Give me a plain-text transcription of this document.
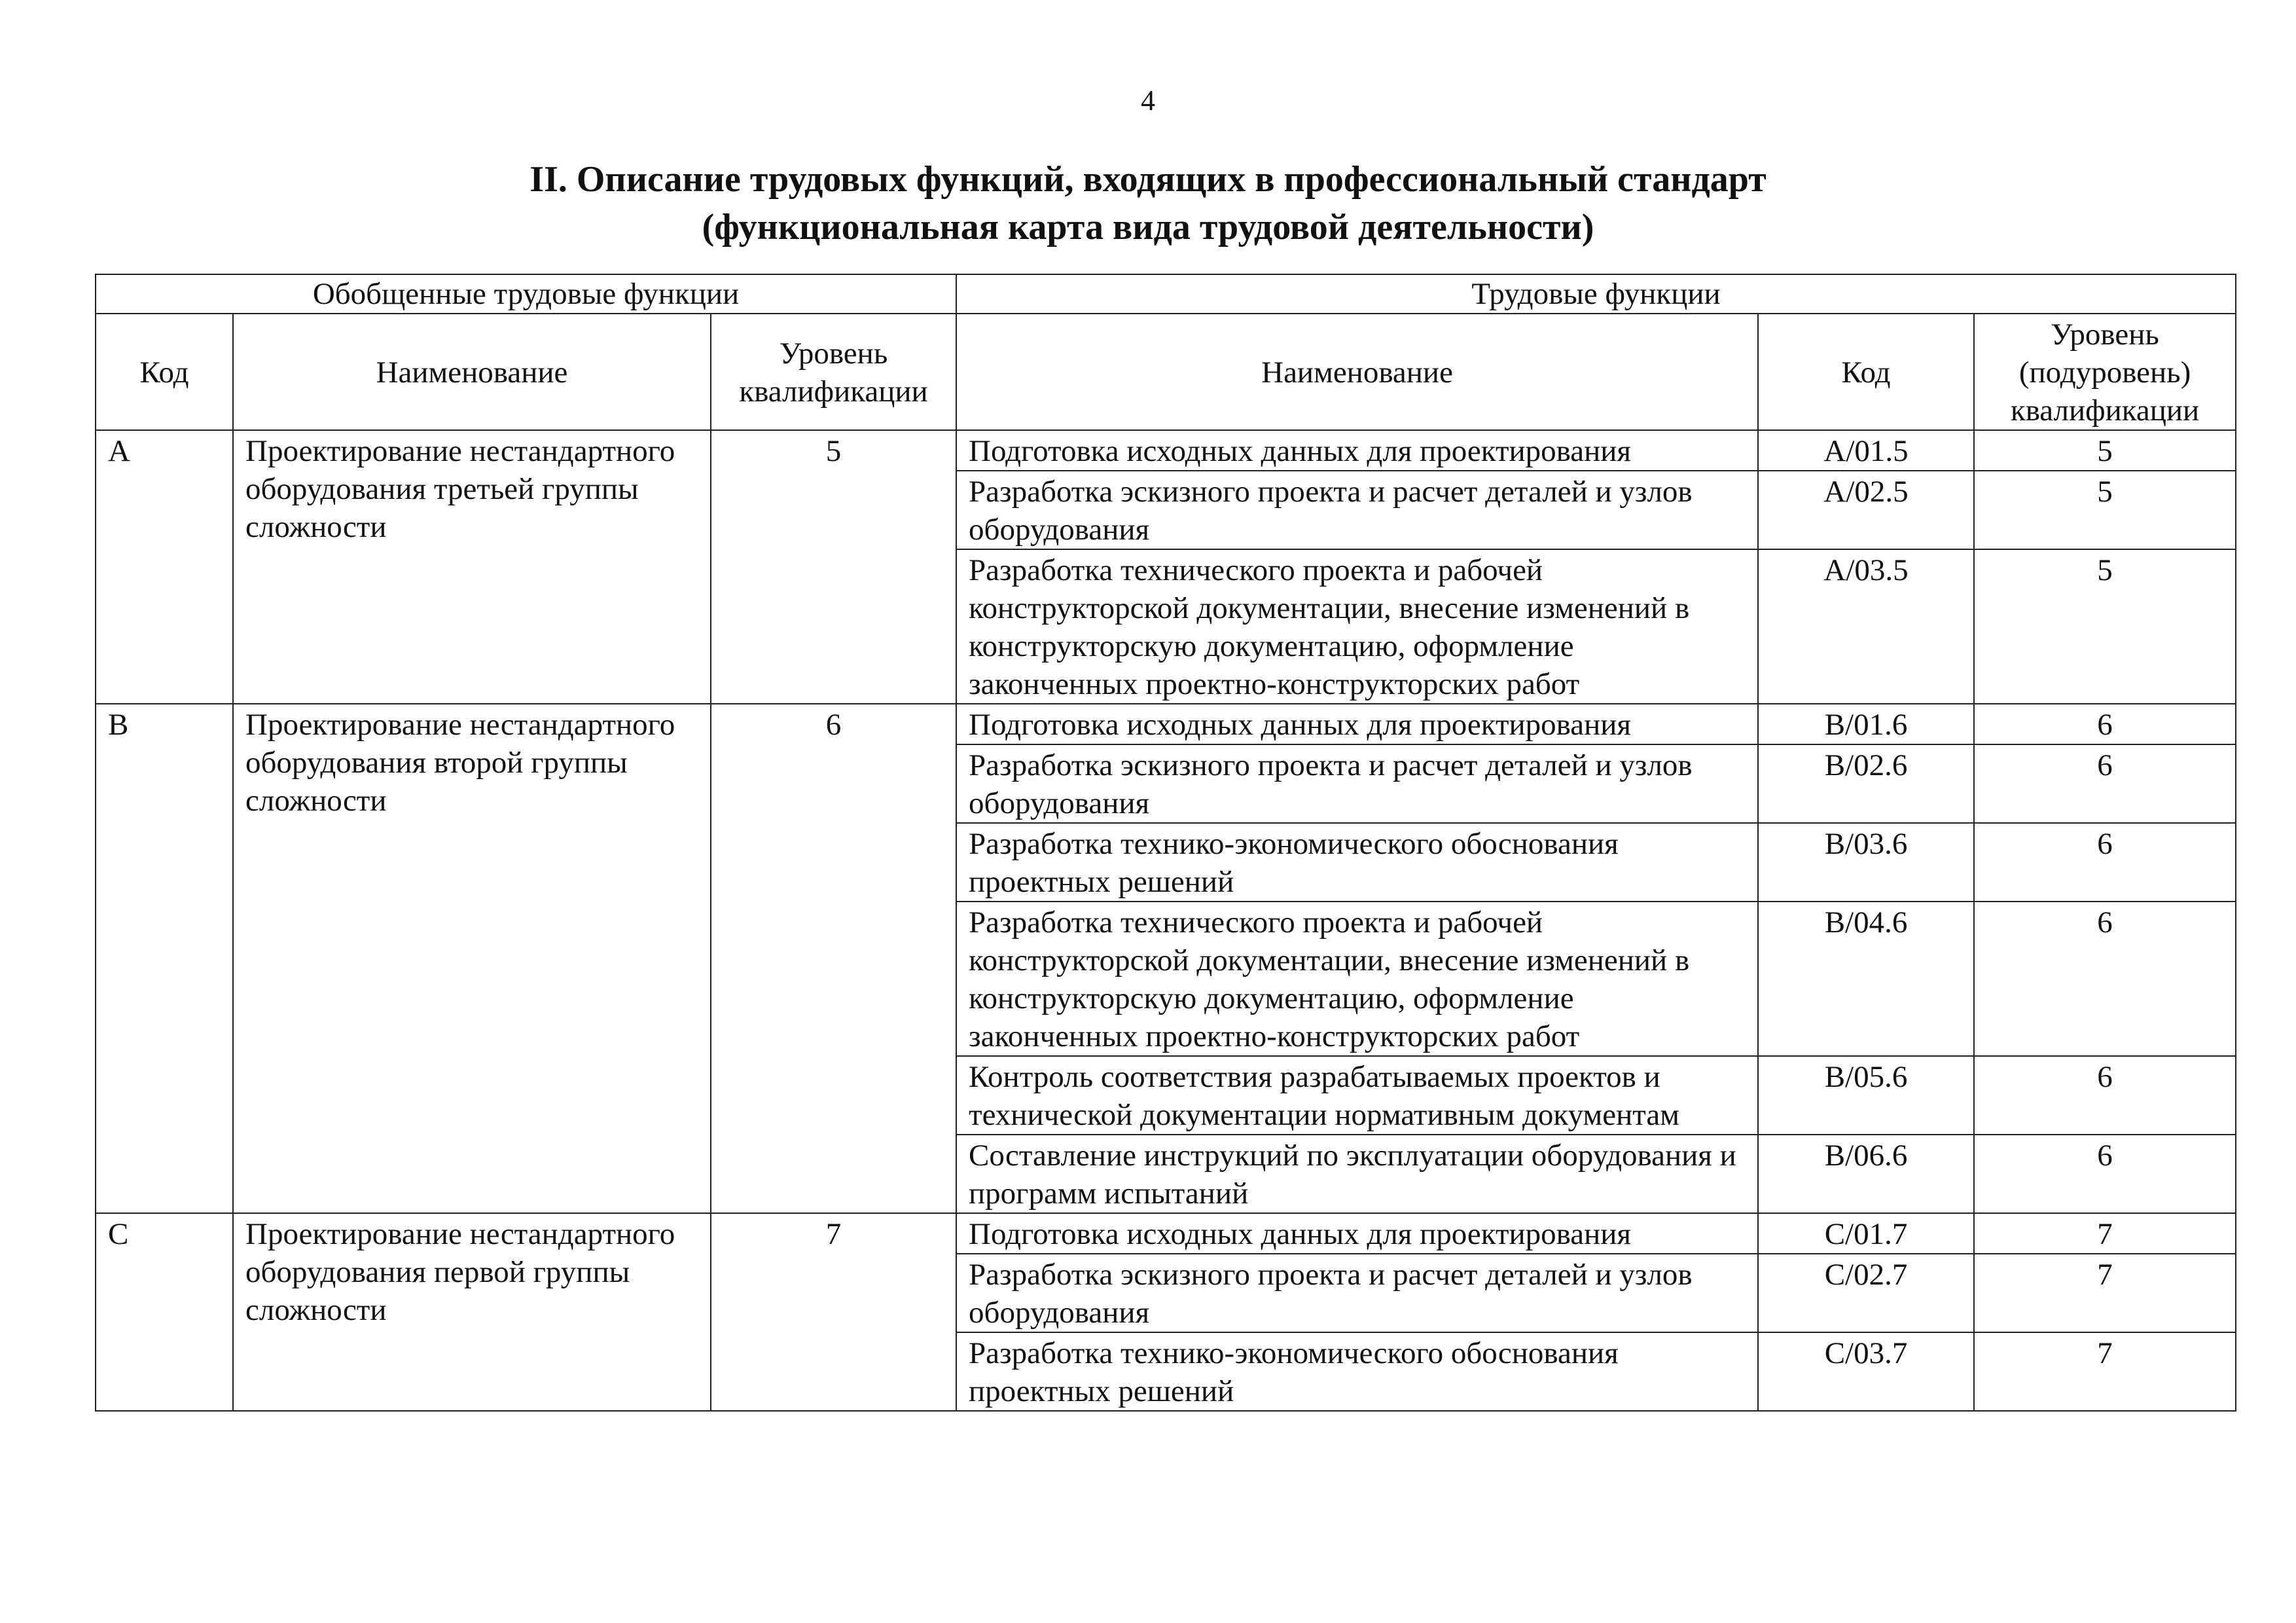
4
II. Описание трудовых функций, входящих в профессиональный стандарт
(функциональная карта вида трудовой деятельности)
Обобщенные трудовые функции			Трудовые функции		
Код	Наименование	Уровень квалификации	Наименование	Код	Уровень (подуровень) квалификации
A	Проектирование нестандартного оборудования третьей группы сложности	5	Подготовка исходных данных для проектирования	A/01.5	5
			Разработка эскизного проекта и расчет деталей и узлов оборудования	A/02.5	5
			Разработка технического проекта и рабочей конструкторской документации, внесение изменений в конструкторскую документацию, оформление законченных проектно-конструкторских работ	A/03.5	5
B	Проектирование нестандартного оборудования второй группы сложности	6	Подготовка исходных данных для проектирования	B/01.6	6
			Разработка эскизного проекта и расчет деталей и узлов оборудования	B/02.6	6
			Разработка технико-экономического обоснования проектных решений	B/03.6	6
			Разработка технического проекта и рабочей конструкторской документации, внесение изменений в конструкторскую документацию, оформление законченных проектно-конструкторских работ	B/04.6	6
			Контроль соответствия разрабатываемых проектов и технической документации нормативным документам	B/05.6	6
			Составление инструкций по эксплуатации оборудования и программ испытаний	B/06.6	6
C	Проектирование нестандартного оборудования первой группы сложности	7	Подготовка исходных данных для проектирования	C/01.7	7
			Разработка эскизного проекта и расчет деталей и узлов оборудования	C/02.7	7
			Разработка технико-экономического обоснования проектных решений	C/03.7	7
